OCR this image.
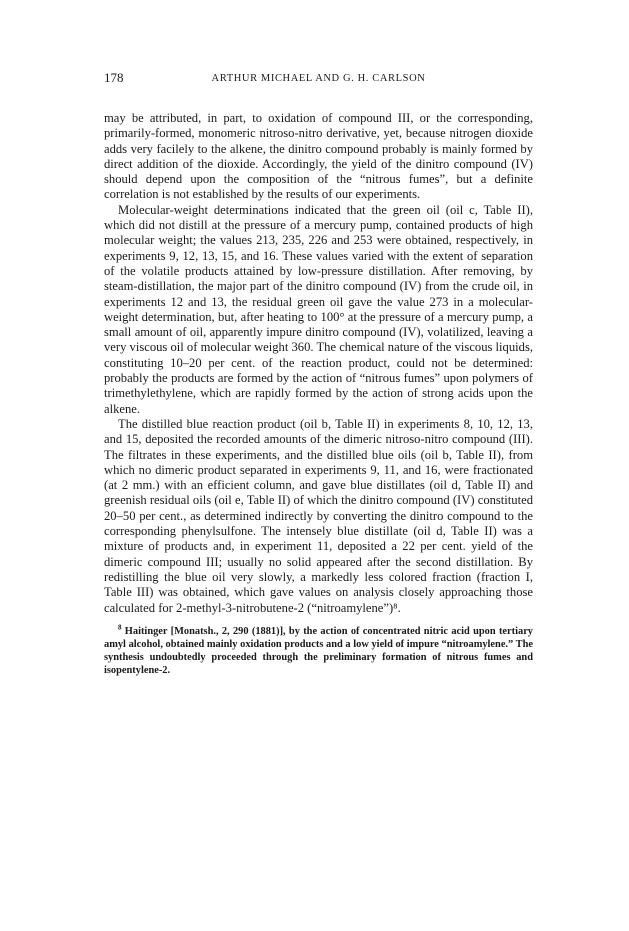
178	ARTHUR MICHAEL AND G. H. CARLSON

may be attributed, in part, to oxidation of compound III, or the corresponding, primarily-formed, monomeric nitroso-nitro derivative, yet, because nitrogen dioxide adds very facilely to the alkene, the dinitro compound probably is mainly formed by direct addition of the dioxide. Accordingly, the yield of the dinitro compound (IV) should depend upon the composition of the “nitrous fumes”, but a definite correlation is not established by the results of our experiments.

Molecular-weight determinations indicated that the green oil (oil c, Table II), which did not distill at the pressure of a mercury pump, contained products of high molecular weight; the values 213, 235, 226 and 253 were obtained, respectively, in experiments 9, 12, 13, 15, and 16. These values varied with the extent of separation of the volatile products attained by low-pressure distillation. After removing, by steam-distillation, the major part of the dinitro compound (IV) from the crude oil, in experiments 12 and 13, the residual green oil gave the value 273 in a molecular-weight determination, but, after heating to 100° at the pressure of a mercury pump, a small amount of oil, apparently impure dinitro compound (IV), volatilized, leaving a very viscous oil of molecular weight 360. The chemical nature of the viscous liquids, constituting 10–20 per cent. of the reaction product, could not be determined: probably the products are formed by the action of “nitrous fumes” upon polymers of trimethylethylene, which are rapidly formed by the action of strong acids upon the alkene.

The distilled blue reaction product (oil b, Table II) in experiments 8, 10, 12, 13, and 15, deposited the recorded amounts of the dimeric nitroso-nitro compound (III). The filtrates in these experiments, and the distilled blue oils (oil b, Table II), from which no dimeric product separated in experiments 9, 11, and 16, were fractionated (at 2 mm.) with an efficient column, and gave blue distillates (oil d, Table II) and greenish residual oils (oil e, Table II) of which the dinitro compound (IV) constituted 20–50 per cent., as determined indirectly by converting the dinitro compound to the corresponding phenylsulfone. The intensely blue distillate (oil d, Table II) was a mixture of products and, in experiment 11, deposited a 22 per cent. yield of the dimeric compound III; usually no solid appeared after the second distillation. By redistilling the blue oil very slowly, a markedly less colored fraction (fraction I, Table III) was obtained, which gave values on analysis closely approaching those calculated for 2-methyl-3-nitrobutene-2 (“nitroamylene”)⁸.

$^8$ Haitinger [Monatsh., 2, 290 (1881)], by the action of concentrated nitric acid upon tertiary amyl alcohol, obtained mainly oxidation products and a low yield of impure “nitroamylene.” The synthesis undoubtedly proceeded through the preliminary formation of nitrous fumes and isopentylene-2.
